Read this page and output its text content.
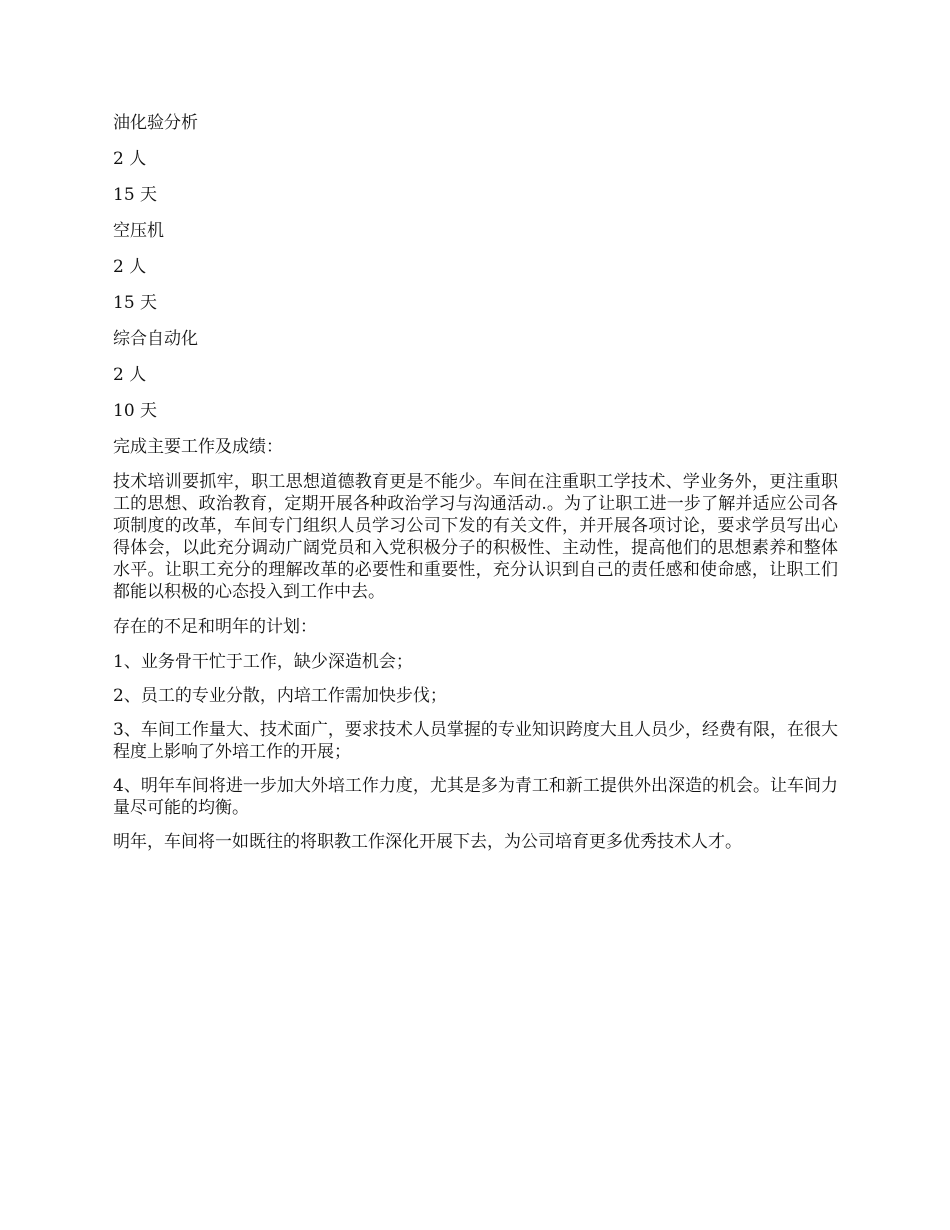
油化验分析
2 人
15 天
空压机
2 人
15 天
综合自动化
2 人
10 天
完成主要工作及成绩：
技术培训要抓牢，职工思想道德教育更是不能少。车间在注重职工学技术、学业务外，更注重职工的思想、政治教育，定期开展各种政治学习与沟通活动.。为了让职工进一步了解并适应公司各项制度的改革，车间专门组织人员学习公司下发的有关文件，并开展各项讨论，要求学员写出心得体会，以此充分调动广阔党员和入党积极分子的积极性、主动性，提高他们的思想素养和整体水平。让职工充分的理解改革的必要性和重要性，充分认识到自己的责任感和使命感，让职工们都能以积极的心态投入到工作中去。
存在的不足和明年的计划：
1、业务骨干忙于工作，缺少深造机会；
2、员工的专业分散，内培工作需加快步伐；
3、车间工作量大、技术面广，要求技术人员掌握的专业知识跨度大且人员少，经费有限，在很大程度上影响了外培工作的开展；
4、明年车间将进一步加大外培工作力度，尤其是多为青工和新工提供外出深造的机会。让车间力量尽可能的均衡。
明年，车间将一如既往的将职教工作深化开展下去，为公司培育更多优秀技术人才。
